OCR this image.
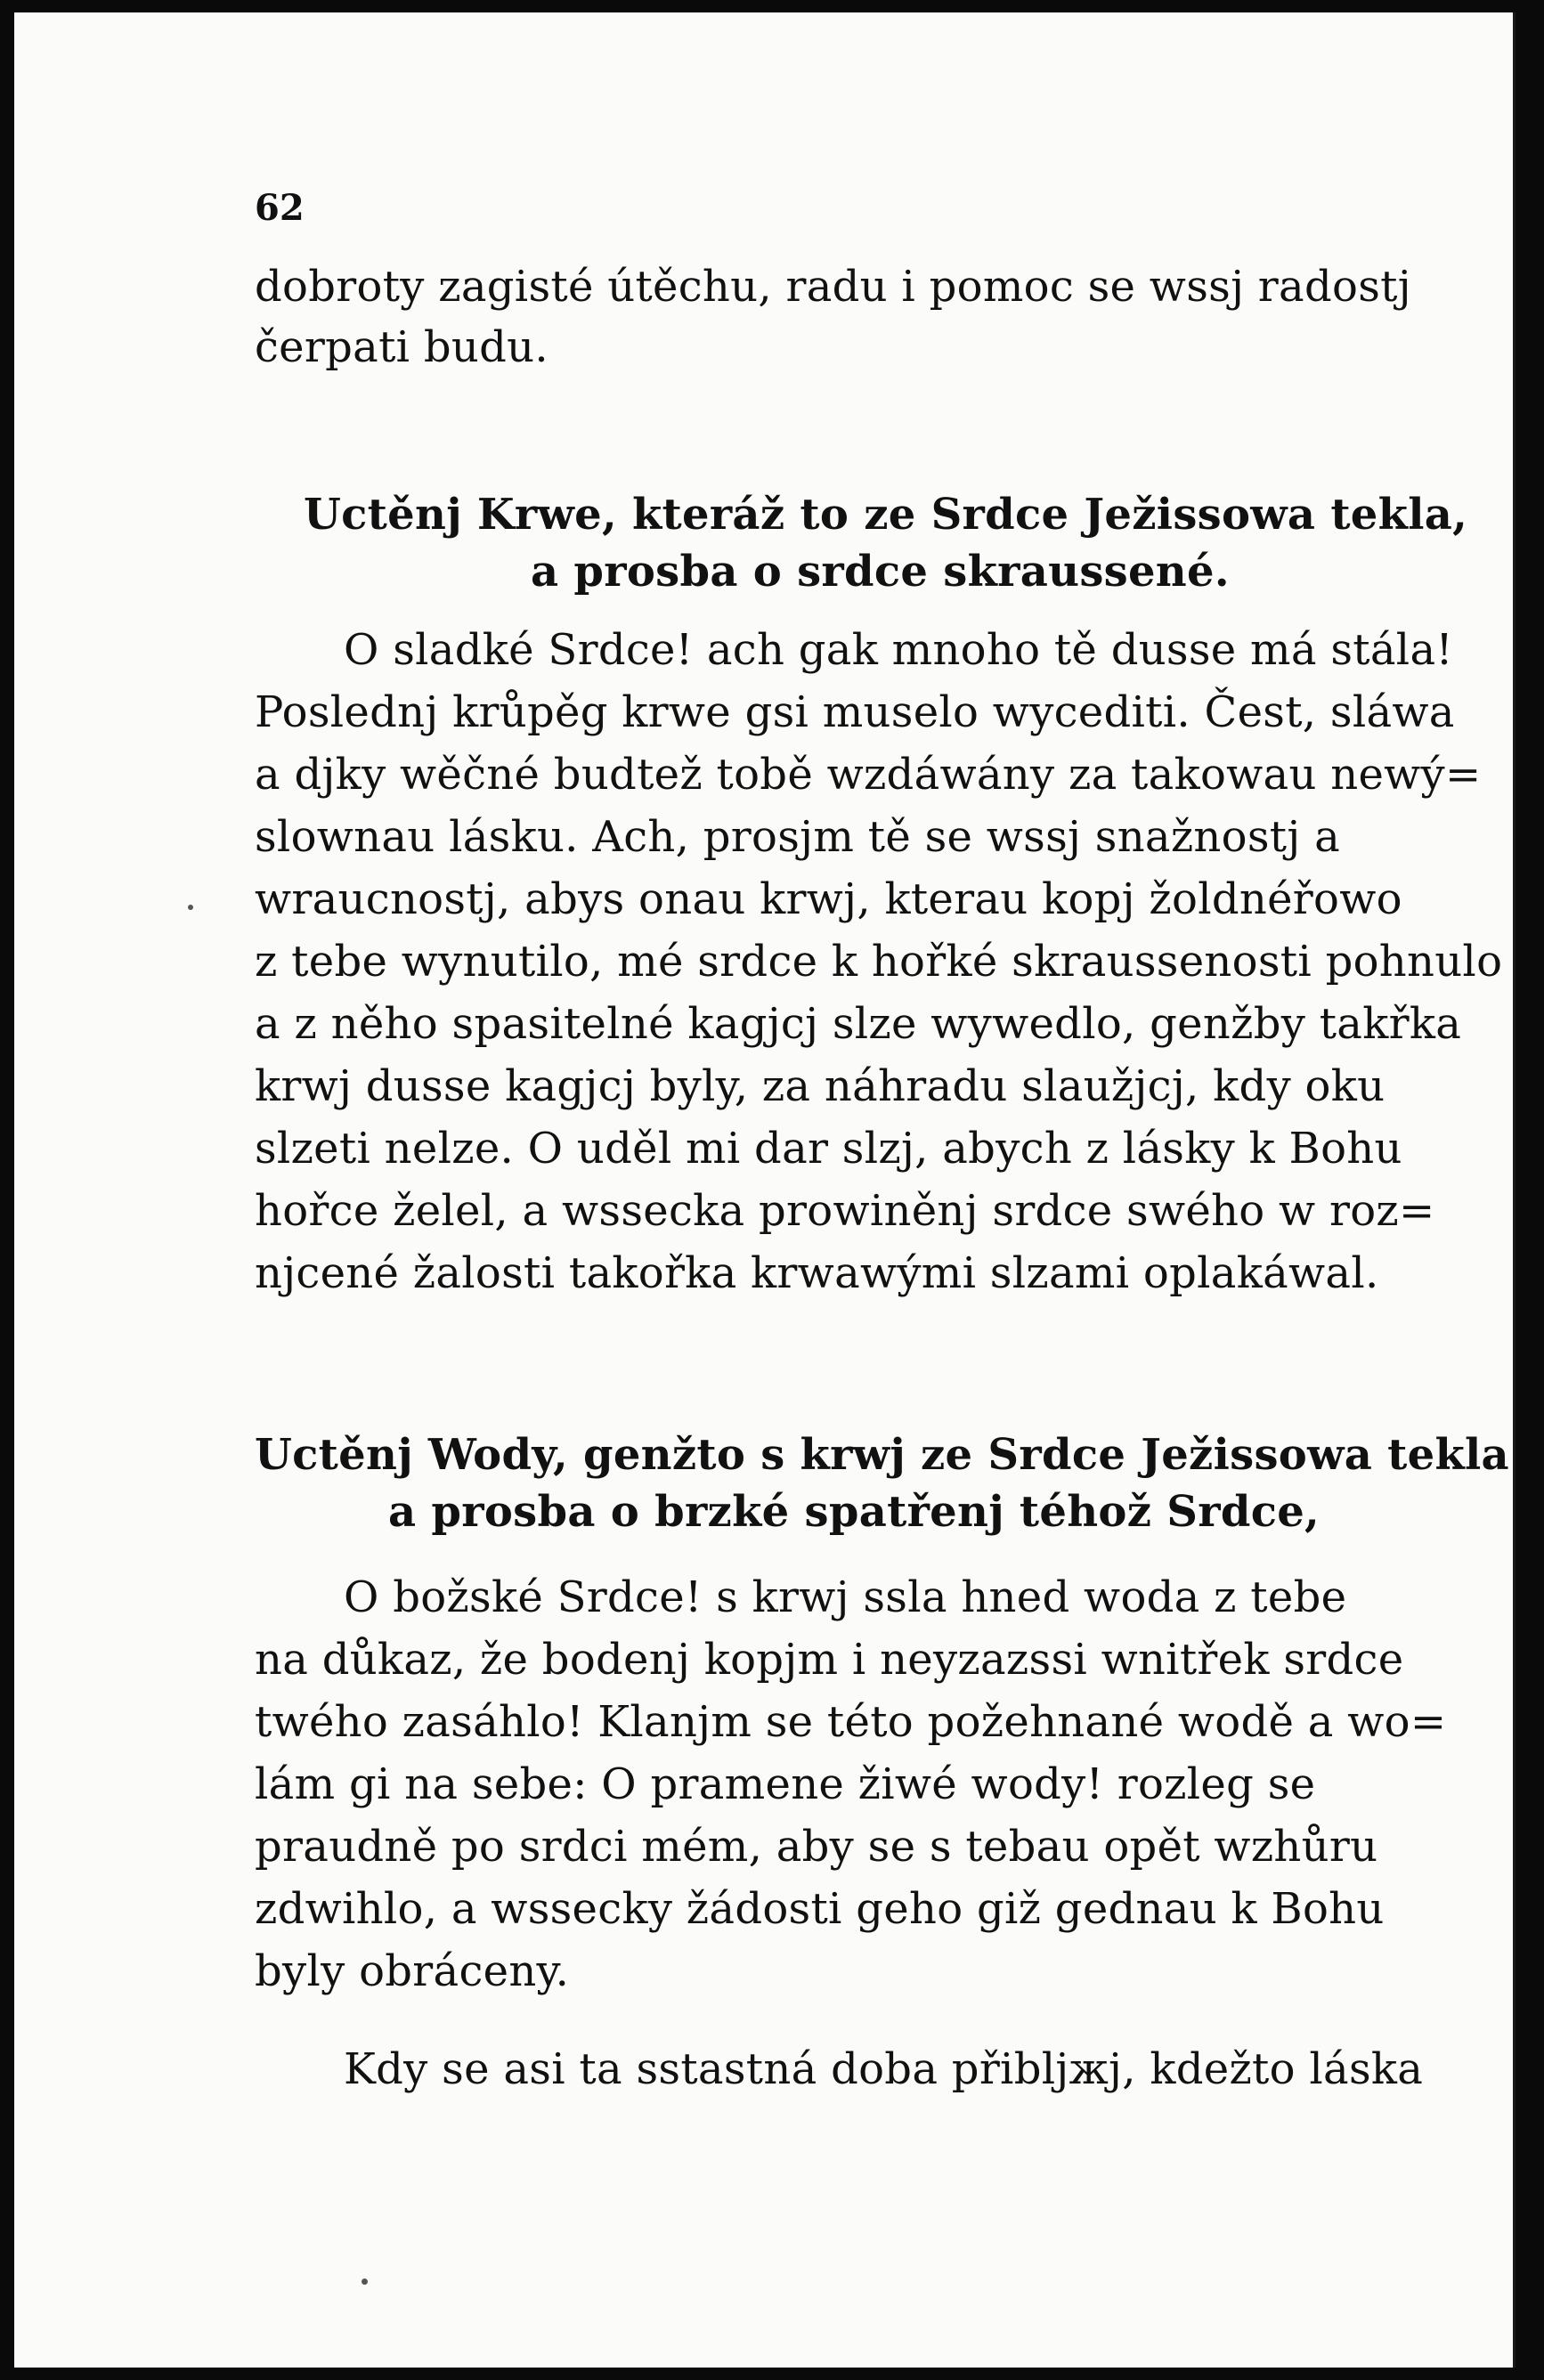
62
dobroty zagisté útěchu, radu i pomoc se wssj radostj
čerpati budu.
Uctěnj Krwe, kteráž to ze Srdce Ježissowa tekla,
a prosba o srdce skraussené.
O sladké Srdce! ach gak mnoho tě dusse má stála!
Poslednj krůpěg krwe gsi muselo wyceditі. Čest, sláwa
a djky wěčné budtež tobě wzdáwány za takowau newý=
slownau lásku. Ach, prosjm tě se wssj snažnostj a
wraucnostj, abys onau krwj, kterau kopj žoldnéřowo
z tebe wynutilo, mé srdce k hořké skraussenosti pohnulo
a z něho spasitelné kagjcj slze wywedlo, genžby takřka
krwj dusse kagjcj byly, za náhradu slaužjcj, kdy oku
slzeti nelze. O uděl mi dar slzj, abych z lásky k Bohu
hořce želel, a wssecka prowiněnj srdce swého w roz=
njcené žalosti takořka krwawými slzami oplakáwal.
Uctěnj Wody, genžto s krwj ze Srdce Ježissowa tekla
a prosba o brzké spatřenj téhož Srdce,
O božské Srdce! s krwj ssla hned woda z tebe
na důkaz, že bodenj kopjm i neyzazssi wnitřek srdce
twého zasáhlo! Klanjm se této požehnané wodě a wo=
lám gi na sebe: O pramene žiwé wody! rozleg se
praudně po srdci mém, aby se s tebau opět wzhůru
zdwihlo, a wssecky žádosti geho giž gednau k Bohu
byly obráceny.
Kdy se asi ta sstastná doba přiblјжј, kdežto láska
